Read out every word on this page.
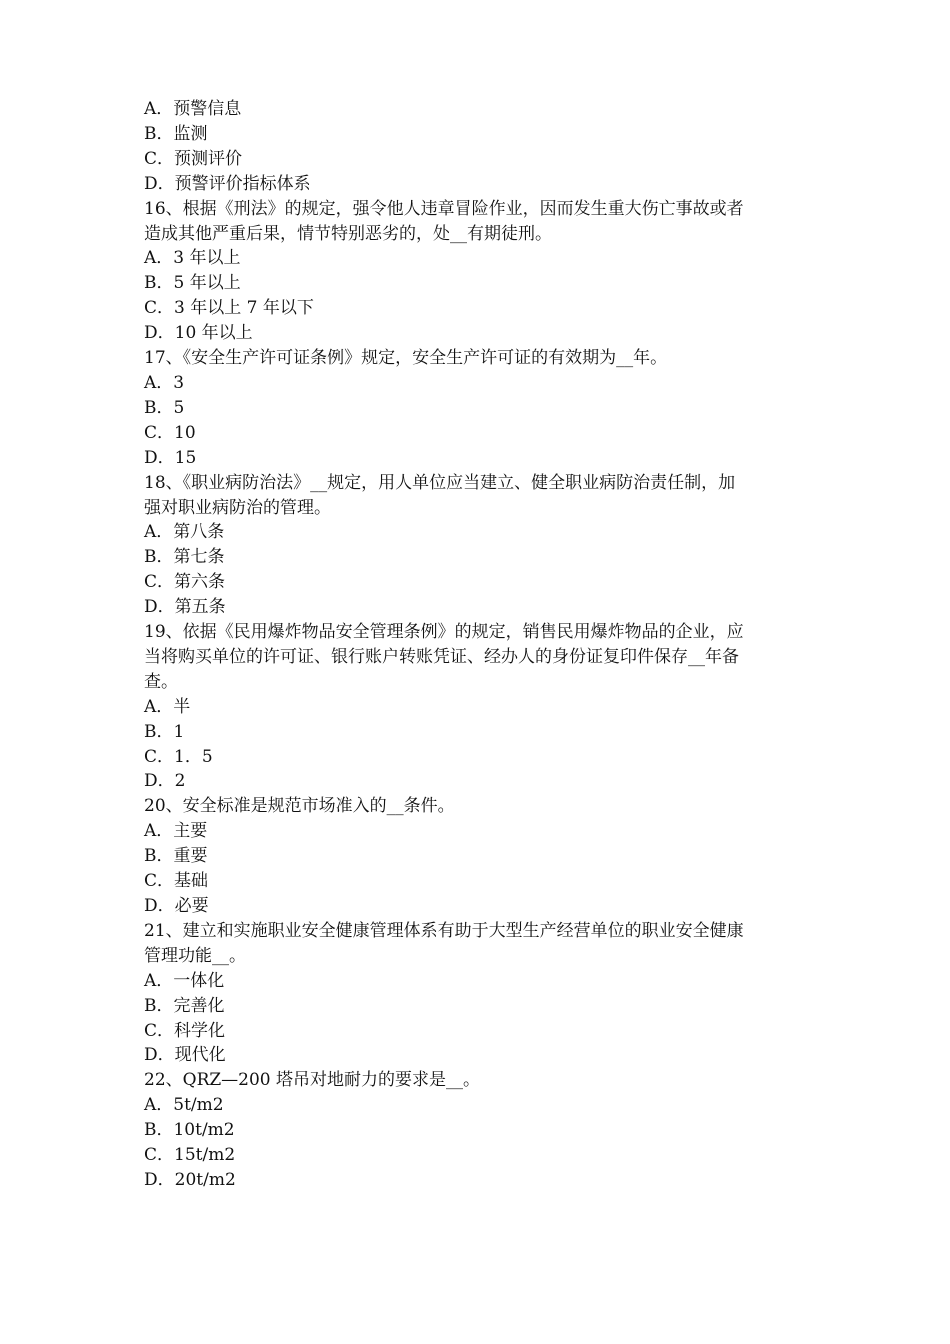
A．预警信息
B．监测
C．预测评价
D．预警评价指标体系
16、根据《刑法》的规定，强令他人违章冒险作业，因而发生重大伤亡事故或者
造成其他严重后果，情节特别恶劣的，处__有期徒刑。
A．3 年以上
B．5 年以上
C．3 年以上 7 年以下
D．10 年以上
17、《安全生产许可证条例》规定，安全生产许可证的有效期为__年。
A．3
B．5
C．10
D．15
18、《职业病防治法》__规定，用人单位应当建立、健全职业病防治责任制，加
强对职业病防治的管理。
A．第八条
B．第七条
C．第六条
D．第五条
19、依据《民用爆炸物品安全管理条例》的规定，销售民用爆炸物品的企业，应
当将购买单位的许可证、银行账户转账凭证、经办人的身份证复印件保存__年备
查。
A．半
B．1
C．1．5
D．2
20、安全标准是规范市场准入的__条件。
A．主要
B．重要
C．基础
D．必要
21、建立和实施职业安全健康管理体系有助于大型生产经营单位的职业安全健康
管理功能__。
A．一体化
B．完善化
C．科学化
D．现代化
22、QRZ—200 塔吊对地耐力的要求是__。
A．5t/m2
B．10t/m2
C．15t/m2
D．20t/m2
